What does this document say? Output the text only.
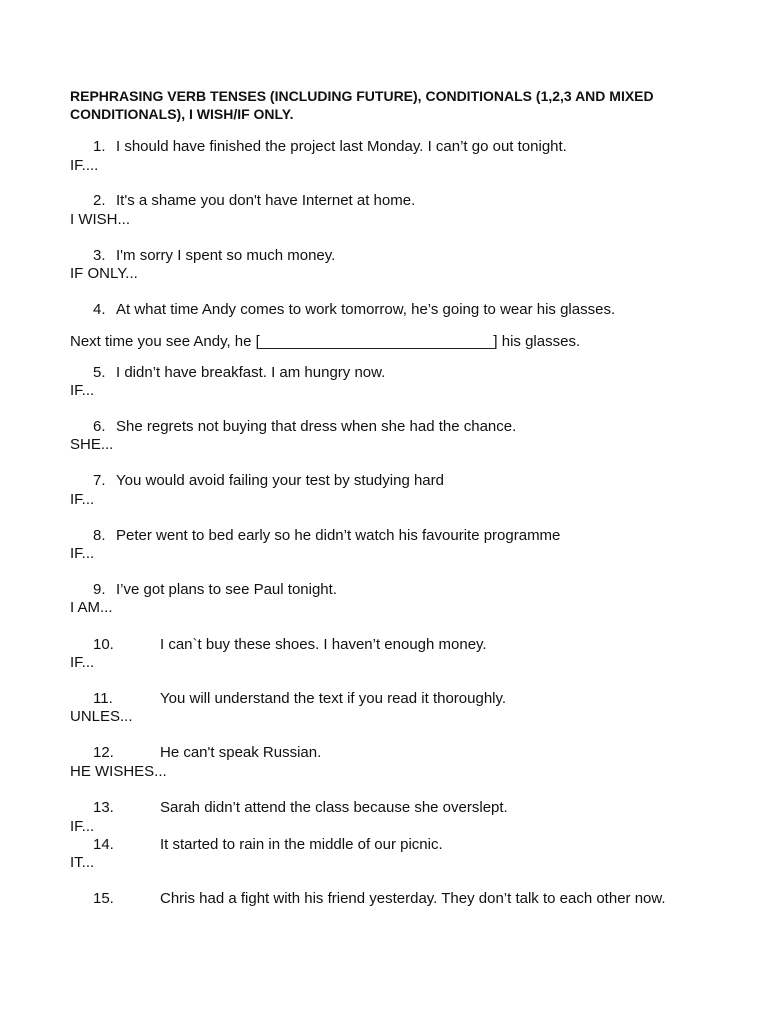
REPHRASING VERB TENSES (INCLUDING FUTURE), CONDITIONALS (1,2,3 AND MIXED CONDITIONALS), I WISH/IF ONLY.
1. I should have finished the project last Monday. I can’t go out tonight.
IF....
2. It's a shame you don't have Internet at home.
I WISH...
3. I'm sorry I spent so much money.
IF ONLY...
4. At what time Andy comes to work tomorrow, he’s going to wear his glasses.
Next time you see Andy, he [____________________________] his glasses.
5. I didn’t have breakfast. I am hungry now.
IF...
6. She regrets not buying that dress when she had the chance.
SHE...
7. You would avoid failing your test by studying hard
IF...
8. Peter went to bed early so he didn’t watch his favourite programme
IF...
9. I’ve got plans to see Paul tonight.
I AM...
10.	I can`t buy these shoes. I haven’t enough money.
IF...
11.	You will understand the text if you read it thoroughly.
UNLES...
12.	He can't speak Russian.
HE WISHES...
13.	Sarah didn’t attend the class because she overslept.
IF...
14.	It started to rain in the middle of our picnic.
IT...
15.	Chris had a fight with his friend yesterday. They don’t talk to each other now.
